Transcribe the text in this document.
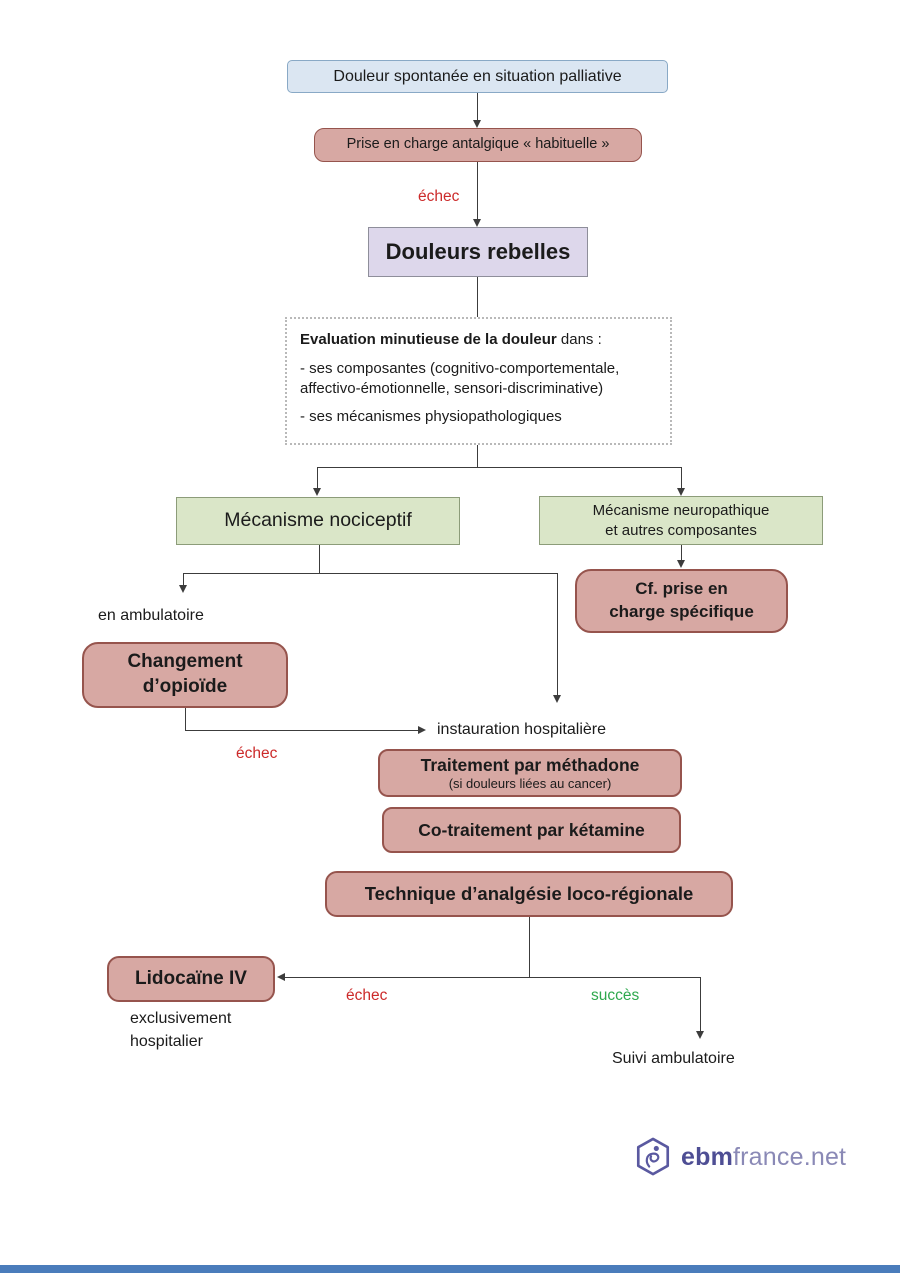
Douleur spontanée en situation palliative
Prise en charge antalgique « habituelle »
échec
Douleurs rebelles
Evaluation minutieuse de la douleur dans :
- ses composantes (cognitivo-comportementale,
affectivo-émotionnelle, sensori-discriminative)
- ses mécanismes physiopathologiques
Mécanisme nociceptif	Mécanisme neuropathique
et autres composantes
Cf. prise en
charge spécifique
en ambulatoire
Changement
d’opioïde
échec
instauration hospitalière
Traitement par méthadone
(si douleurs liées au cancer)
Co-traitement par kétamine
Technique d’analgésie loco-régionale
Lidocaïne IV
échec	succès
exclusivement
hospitalier
Suivi ambulatoire
ebmfrance.net
